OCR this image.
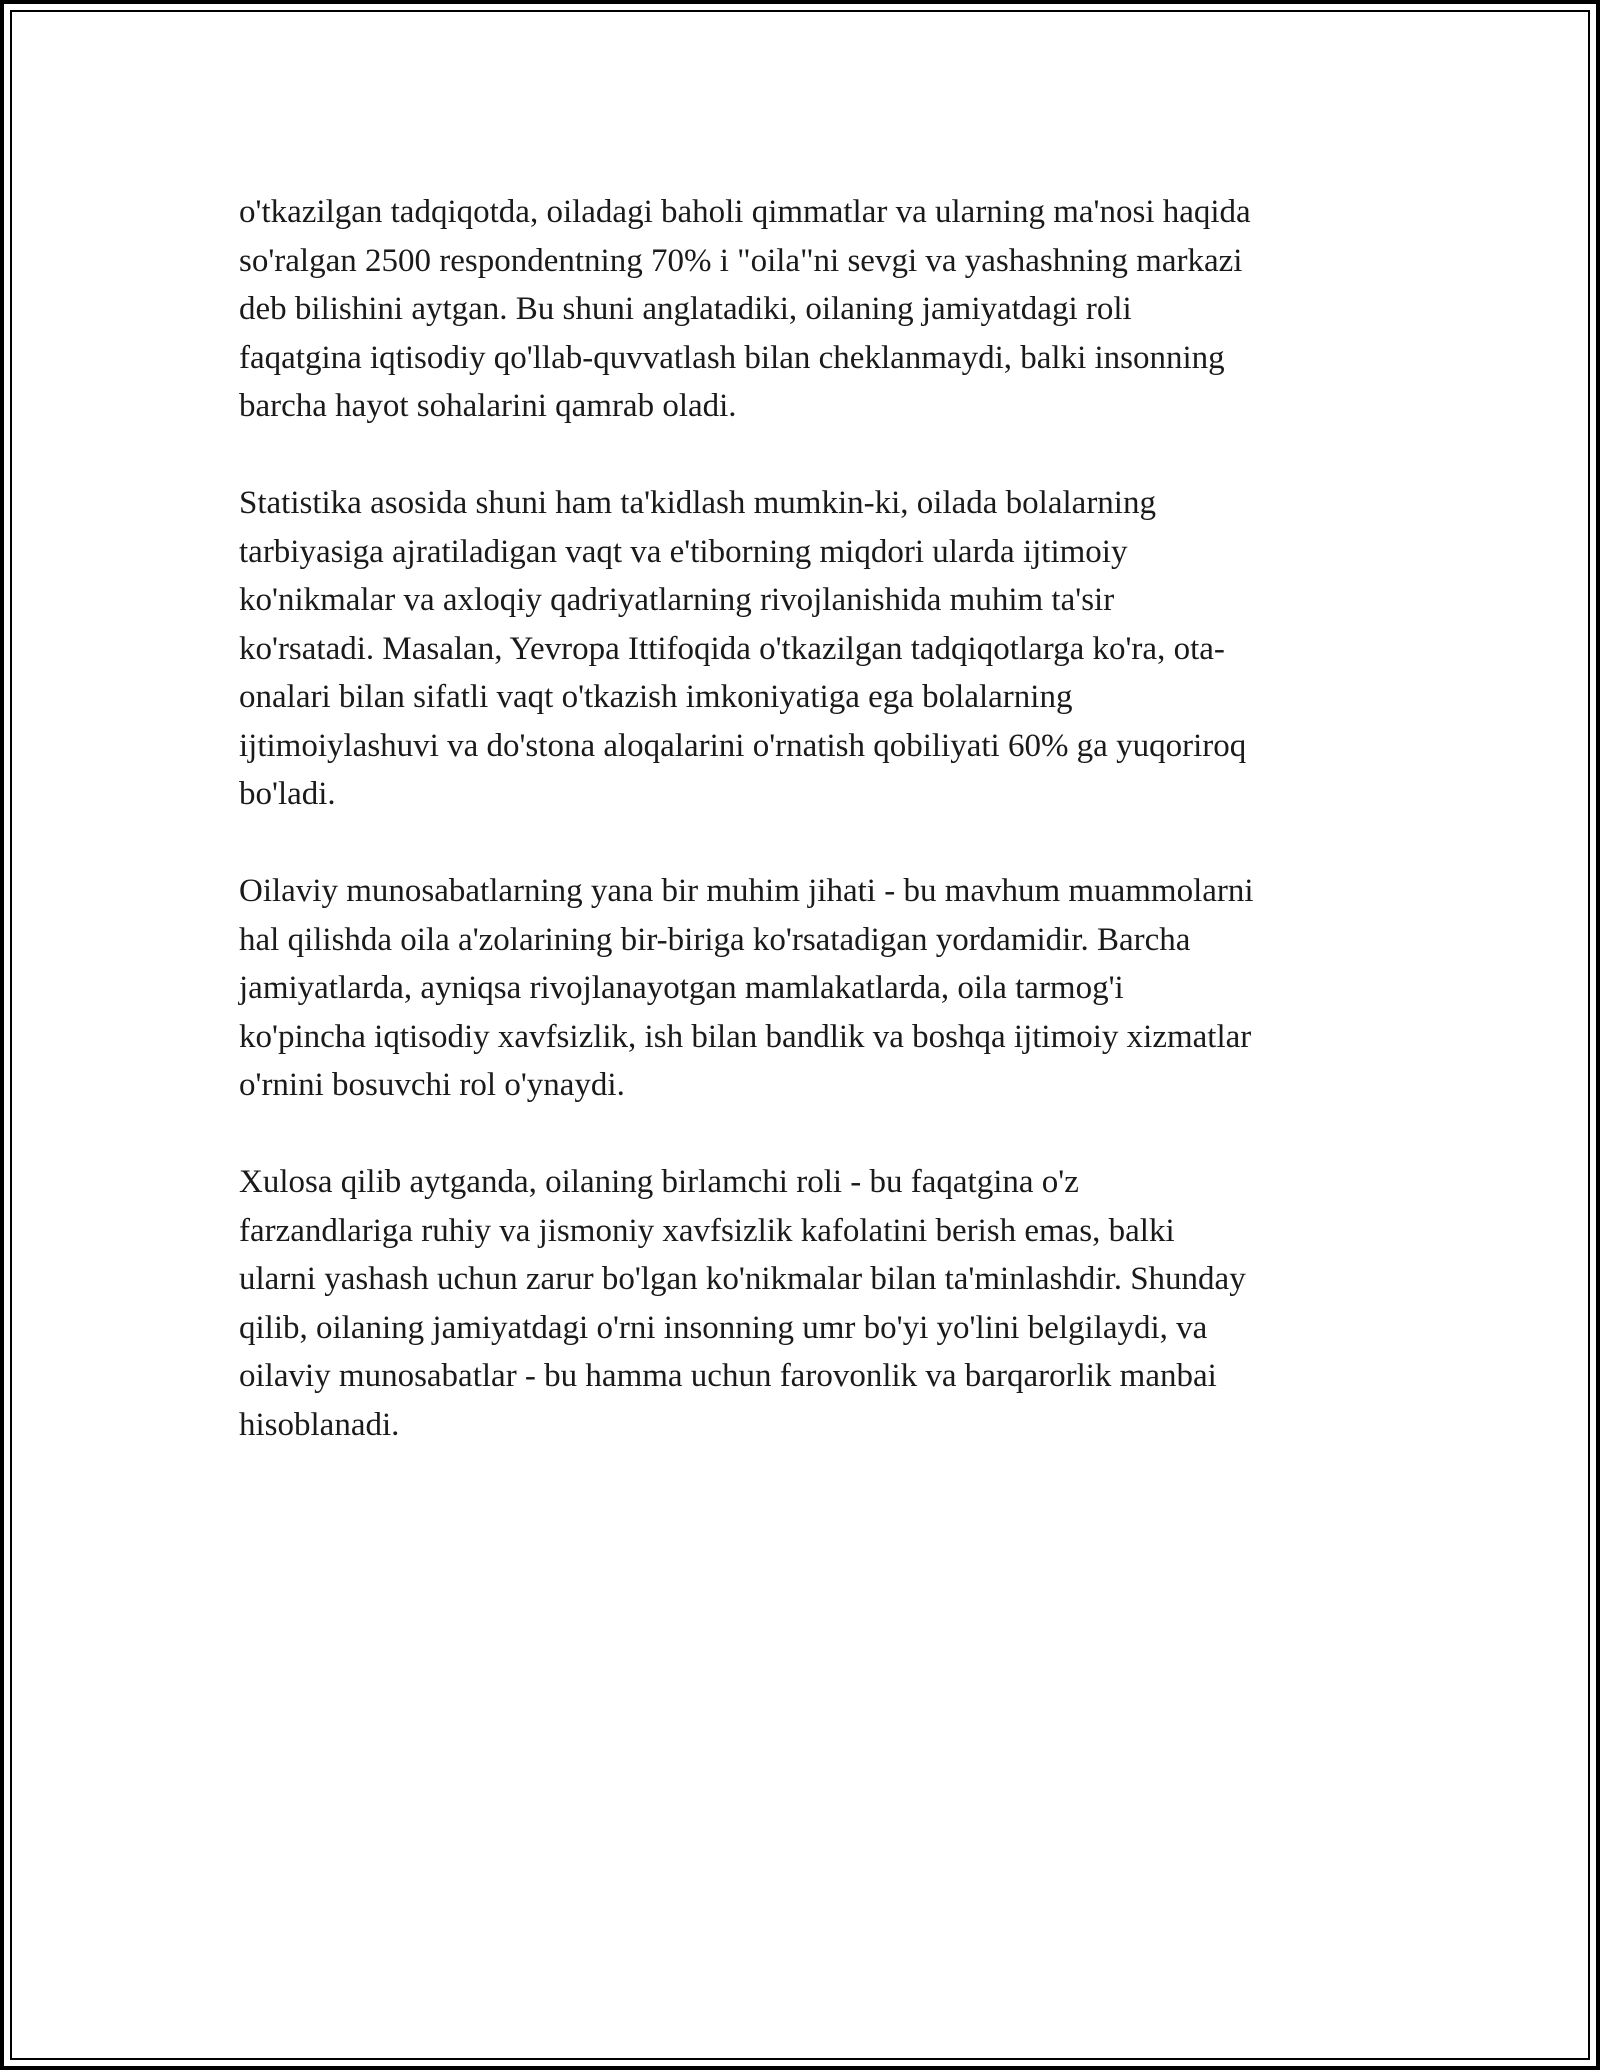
o'tkazilgan tadqiqotda, oiladagi baholi qimmatlar va ularning ma'nosi haqida
so'ralgan 2500 respondentning 70% i "oila"ni sevgi va yashashning markazi
deb bilishini aytgan. Bu shuni anglatadiki, oilaning jamiyatdagi roli
faqatgina iqtisodiy qo'llab-quvvatlash bilan cheklanmaydi, balki insonning
barcha hayot sohalarini qamrab oladi.

Statistika asosida shuni ham ta'kidlash mumkin-ki, oilada bolalarning
tarbiyasiga ajratiladigan vaqt va e'tiborning miqdori ularda ijtimoiy
ko'nikmalar va axloqiy qadriyatlarning rivojlanishida muhim ta'sir
ko'rsatadi. Masalan, Yevropa Ittifoqida o'tkazilgan tadqiqotlarga ko'ra, ota-
onalari bilan sifatli vaqt o'tkazish imkoniyatiga ega bolalarning
ijtimoiylashuvi va do'stona aloqalarini o'rnatish qobiliyati 60% ga yuqoriroq
bo'ladi.

Oilaviy munosabatlarning yana bir muhim jihati - bu mavhum muammolarni
hal qilishda oila a'zolarining bir-biriga ko'rsatadigan yordamidir. Barcha
jamiyatlarda, ayniqsa rivojlanayotgan mamlakatlarda, oila tarmog'i
ko'pincha iqtisodiy xavfsizlik, ish bilan bandlik va boshqa ijtimoiy xizmatlar
o'rnini bosuvchi rol o'ynaydi.

Xulosa qilib aytganda, oilaning birlamchi roli - bu faqatgina o'z
farzandlariga ruhiy va jismoniy xavfsizlik kafolatini berish emas, balki
ularni yashash uchun zarur bo'lgan ko'nikmalar bilan ta'minlashdir. Shunday
qilib, oilaning jamiyatdagi o'rni insonning umr bo'yi yo'lini belgilaydi, va
oilaviy munosabatlar - bu hamma uchun farovonlik va barqarorlik manbai
hisoblanadi.
